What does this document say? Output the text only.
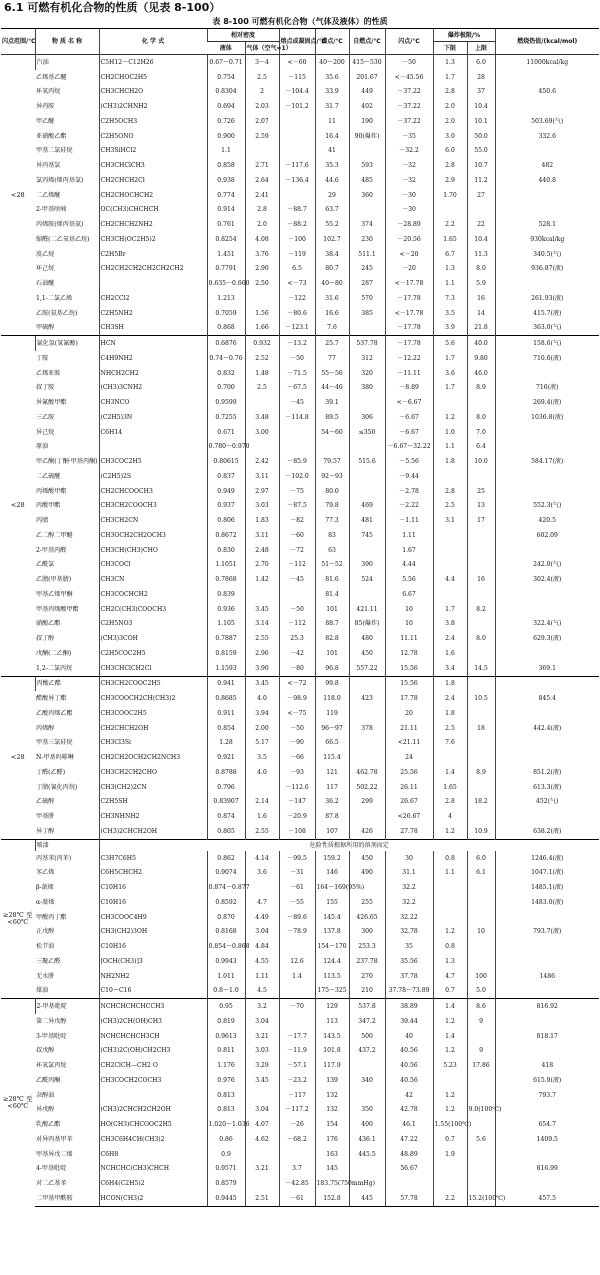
6.1 可燃有机化合物的性质（见表 8-100）
表 8-100 可燃有机化合物（气体及液体）的性质
闪点范围/℃	物 质 名 称	化 学 式	相对密度		熔点或凝固点/℃	沸点/℃	自燃点/℃	闪点/℃	爆炸极限/%		燃烧热值/(kcal/mol)
			液体	气体（空气=1）					下限	上限	
<28	汽油	C5H12～C12H26	0.67～0.71	3～4	<－60	40～200	415～530	－50	1.3	6.0	11000kcal/kg
	乙烯基乙醚	CH2CHOC2H5	0.754	2.5	－115	35.6	201.67	<－45.56	1.7	28	
	环氧丙烷	CH3CHCH2O	0.8304	2	－104.4	33.9	449	－37.22	2.8	37	450.6
	异丙胺	(CH3)2CHNH2	0.694	2.03	－101.2	31.7	402	－37.22	2.0	10.4	
	甲乙醚	C2H5OCH3	0.726	2.07		11	190	－37.22	2.0	10.1	503.69(气)
	亚硝酸乙酯	C2H5ONO	0.900	2.59		16.4	90(爆炸)	－35	3.0	50.0	332.6
	甲基二氯硅烷	CH3SiHCl2	1.1			41		－32.2	6.0	55.0	
	异丙基氯	CH3CHClCH3	0.858	2.71	－117.6	35.3	593	－32	2.8	10.7	482
	氯丙烯(烯丙基氯)	CH2CHCH2Cl	0.938	2.64	－136.4	44.6	485	－32	2.9	11.2	440.8
	二乙烯醚	CH2CHOCHCH2	0.774	2.41		29	360	－30	1.70	27	
	2-甲基呋喃	OC(CH3)CHCHCH	0.914	2.8	－88.7	63.7		－30			
	丙烯胺(烯丙基氨)	CH2CHCH2NH2	0.761	2.0	－88.2	55.2	374	－28.89	2.2	22	528.1
	缩醛(二乙氧基乙烷)	CH3CH(OC2H5)2	0.8254	4.08	－100	102.7	230	－20.56	1.65	10.4	930kcal/kg
	溴乙烷	C2H5Br	1.451	3.76	－119	38.4	511.1	<－20	6.7	11.3	340.5(气)
	环己烷	CH2CH2CH2CH2CH2CH2	0.7791	2.90	6.5	80.7	245	－20	1.3	8.0	936.87(液)
	石油醚		0.635～0.660	2.50	<－73	40～80	287	<－17.78	1.1	5.9	
	1,1-二氯乙烯	CH2CCl2	1.213		－122	31.6	570	－17.78	7.3	16	261.93(液)
	乙胺(氨基乙烷)	C2H5NH2	0.7059	1.56	－80.6	16.6	385	<－17.78	3.5	14	415.7(液)
	甲硫醇	CH3SH	0.868	1.66	－123.1	7.6		－17.78	3.9	21.8	363.0(气)
<28	氰化氢(氢氰酸)	HCN	0.6876	0.932	－13.2	25.7	537.78	－17.78	5.6	40.0	158.6(气)
	丁胺	C4H9NH2	0.74～0.76	2.52	－50	77	312	－12.22	1.7	9.80	710.6(液)
	乙烯亚胺	NHCH2CH2	0.832	1.48	－71.5	55～56	320	－11.11	3.6	46.0	
	叔丁胺	(CH3)3CNH2	0.700	2.5	－67.5	44～46	380	－8.89	1.7	8.9	716(液)
	异氰酸甲酯	CH3NCO	0.9599		－45	39.1		<－6.67			269.4(液)
	三乙胺	(C2H5)3N	0.7255	3.48	－114.8	89.5	306	－6.67	1.2	8.0	1036.8(液)
	异己烷	C6H14	0.671	3.00		54～60	≤350	－6.67	1.0	7.0	
	原油		0.780～0.970					－6.67～32.22	1.1	6.4	
	甲乙酮(丁酮·甲基丙酮)	CH3COC2H5	0.80615	2.42	－85.9	79.57	515.6	－5.56	1.8	10.0	584.17(液)
	二乙硫醚	(C2H5)2S	0.837	3.11	－102.0	92～93		－9.44			
	丙烯酸甲酯	CH2CHCOOCH3	0.949	2.97	－75	80.0		－2.78	2.8	25	
	丙酸甲酯	CH3CH2COOCH3	0.937	3.03	－87.5	79.8	469	－2.22	2.5	13	552.3(气)
	丙腈	CH3CH2CN	0.806	1.83	－82	77.3	481	－1.11	3.1	17	420.5
	乙二醇二甲醚	CH3OCH2CH2OCH3	0.8672	3.11	－60	83	745	1.11			602.09
	2-甲基丙醛	CH3CH(CH3)CHO	0.830	2.48	－72	63		1.67			
	乙酰氯	CH3COCl	1.1051	2.70	－112	51～52	390	4.44			242.0(气)
	乙腈(甲基腈)	CH3CN	0.7868	1.42	－45	81.6	524	5.56	4.4	16	302.4(液)
	甲基乙烯甲酮	CH3COCHCH2	0.839			81.4		6.67			
	甲基丙烯酸甲酯	CH2C(CH3)COOCH3	0.936	3.45	－50	101	421.11	10	1.7	8.2	
	硝酸乙酯	C2H5NO3	1.105	3.14	－112	88.7	85(爆炸)	10	3.8		322.4(气)
	叔丁醇	(CH3)3COH	0.7887	2.55	25.3	82.8	480	11.11	2.4	8.0	629.3(液)
	戊酮(二乙酮)	C2H5COC2H5	0.8159	2.96	－42	101	450	12.78	1.6		
	1,2-二氯丙烷	CH3CHClCH2Cl	1.1593	3.90	－80	96.8	557.22	15.56	3.4	14.5	369.1
<28	丙酸乙酯	CH3CH2COOC2H5	0.941	3.45	<－72	99.8		15.56	1.8		
	醋酸异丁酯	CH3COOCH2CH(CH3)2	0.8685	4.0	－98.9	118.0	423	17.78	2.4	10.5	845.4
	乙酸丙烯乙酯	CH3COOC2H5	0.911	3.94	<－75	119		20	1.8		
	丙烯醇	CH2CHCH2OH	0.854	2.00	－50	96～97	378	21.11	2.5	18	442.4(液)
	甲基三氯硅烷	CH3Cl3Si	1.28	5.17	－90	66.5		<21.11	7.6		
	N-甲基吗啡啉	CH2CH2OCH2CH2NCH3	0.921	3.5	－66	115.4		24			
	丁醛(乙醛)	CH3CH2CH2CHO	0.8788	4.0	－93	121	462.78	25.56	1.4	8.9	851.2(液)
	丁腈(氰化丙烷)	CH3(CH2)2CN	0.796		－112.6	117	502.22	26.11	1.65		613.3(液)
	乙硫醇	C2H5SH	0.83907	2.14	－147	36.2	299	26.67	2.8	18.2	452(气)
	甲基肼	CH3NHNH2	0.874	1.6	－20.9	87.8		<26.67	4		
	异丁醇	(CH3)2CHCH2OH	0.805	2.55	－108	107	426	27.78	1.2	10.9	638.2(液)
≥28℃ 至<60℃	喷漆	危险性质根据所用的溶剂而定									
	丙基苯(丙苯)	C3H7C6H5	0.862	4.14	－99.5	159.2	450	30	0.8	6.0	1246.4(液)
	苯乙烯	C6H5CHCH2	0.9074	3.6	－31	146	490	31.1	1.1	6.1	1047.1(液)
	β-蒎烯	C10H16	0.874～0.877		－61	164～169(95%)		32.2			1485.1(液)
	α-蒎烯	C10H16	0.8592	4.7	－55	155	255	32.2			1483.0(液)
	甲酸丙丁酯	CH3COOC4H9	0.870	4.49	－89.6	145.4	426.65	32.22			
	正戊醇	CH3(CH2)3OH	0.8168	3.04	－78.9	137.8	300	32.78	1.2	10	793.7(液)
	松节油	C10H16	0.854～0.868	4.84		154～170	253.3	35	0.8		
	三聚乙醛	[OCH(CH3)]3	0.9943	4.55	12.6	124.4	237.78	35.56	1.3		
	无水肼	NH2NH2	1.011	1.11	1.4	113.5	270	37.78	4.7	100	1486
	煤油	C10～C16	0.8～1.0	4.5		175～325	210	37.78～73.89	0.7	5.0	
≥28℃ 至<60℃	2-甲基吡啶	NCHCHCHCHCCH3	0.95	3.2	－70	129	537.8	38.89	1.4	8.6	816.92
	第二异戊醇	(CH3)2CH(OH)CH3	0.819	3.04		113	347.2	39.44	1.2	9	
	3-甲基吡啶	NCHCHCHCH3CH	0.9613	3.21	－17.7	143.5	500	40	1.4		818.17
	叔戊醇	(CH3)2C(OH)CH2CH3	0.811	3.03	－11.9	101.8	437.2	40.56	1.2	9	
	环氧氯丙烷	CH2ClCH—CH2 O	1.176	3.29	－57.1	117.9		40.56	5.23	17.86	418
	乙酰丙酮	CH3COCH2COCH3	0.976	3.45	－23.2	139	340	40.56			615.9(液)
	杂醇油		0.813		－117	132		42	1.2		793.7
	异戊醇	(CH3)2CHCH2CH2OH	0.813	3.04	－117.2	132	350	42.78	1.2	9.0(100℃)	
	乳酸乙酯	HO(CH3)CHCOOC2H5	1.020～1.036	4.07	－26	154	400	46.1	1.55(100℃)		654.7
	对异丙基甲苯	CH3C6H4CH(CH3)2	0.86	4.62	－68.2	176	436.1	47.22	0.7	5.6	1409.5
	甲基异戊二烯	C6H8	0.9			163	445.5	48.89	1.9		
	4-甲基吡啶	NCHCHC(CH3)CHCH	0.9571	3.21	3.7	145		56.67			816.99
	对二乙基苯	C6H4(C2H5)2	0.8579		－42.85	183.75(750mmHg)					
	二甲基甲酰胺	HCON(CH3)2	0.9445	2.51	－61	152.8	445	57.78	2.2	15.2(100℃)	457.5
